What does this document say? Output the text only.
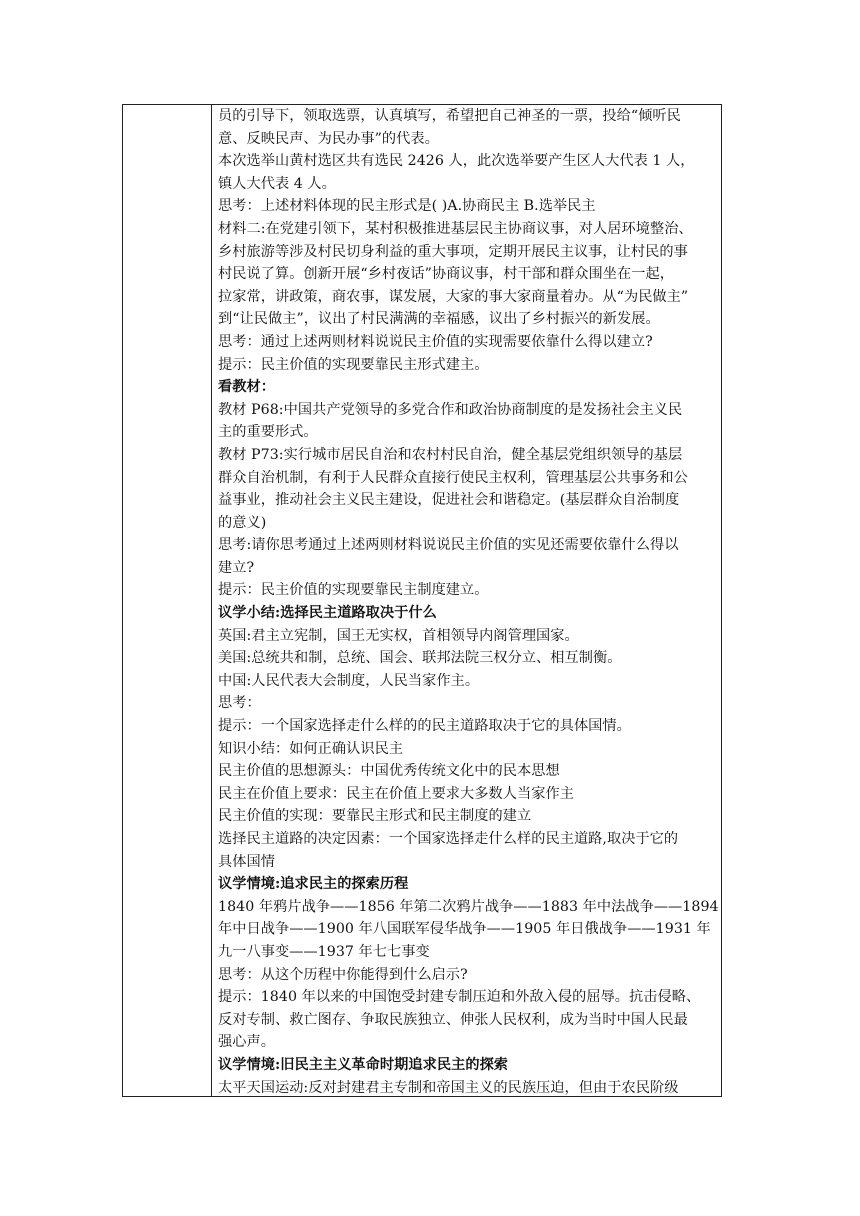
员的引导下，领取选票，认真填写，希望把自己神圣的一票，投给“倾听民
意、反映民声、为民办事”的代表。
本次选举山黄村选区共有选民 2426 人，此次选举要产生区人大代表 1 人，
镇人大代表 4 人。
思考：上述材料体现的民主形式是( )A.协商民主 B.选举民主
材料二:在党建引领下，某村积极推进基层民主协商议事，对人居环境整治、
乡村旅游等涉及村民切身利益的重大事项，定期开展民主议事，让村民的事
村民说了算。创新开展“乡村夜话”协商议事，村干部和群众围坐在一起，
拉家常，讲政策，商农事，谋发展，大家的事大家商量着办。从“为民做主”
到“让民做主”，议出了村民满满的幸福感，议出了乡村振兴的新发展。
思考：通过上述两则材料说说民主价值的实现需要依靠什么得以建立?
提示：民主价值的实现要靠民主形式建主。
看教材：
教材 P68:中国共产党领导的多党合作和政治协商制度的是发扬社会主义民
主的重要形式。
教材 P73:实行城市居民自治和农村村民自治，健全基层党组织领导的基层
群众自治机制，有利于人民群众直接行使民主权利，管理基层公共事务和公
益事业，推动社会主义民主建设，促进社会和谐稳定。(基层群众自治制度
的意义)
思考:请你思考通过上述两则材料说说民主价值的实见还需要依靠什么得以
建立?
提示：民主价值的实现要靠民主制度建立。
议学小结:选择民主道路取决于什么
英国:君主立宪制，国王无实权，首相领导内阁管理国家。
美国:总统共和制，总统、国会、联邦法院三权分立、相互制衡。
中国:人民代表大会制度，人民当家作主。
思考：
提示：一个国家选择走什么样的的民主道路取决于它的具体国情。
知识小结：如何正确认识民主
民主价值的思想源头：中国优秀传统文化中的民本思想
民主在价值上要求：民主在价值上要求大多数人当家作主
民主价值的实现：要靠民主形式和民主制度的建立
选择民主道路的决定因素：一个国家选择走什么样的民主道路,取决于它的
具体国情
议学情境:追求民主的探索历程
1840 年鸦片战争——1856 年第二次鸦片战争——1883 年中法战争——1894
年中日战争——1900 年八国联军侵华战争——1905 年日俄战争——1931 年
九一八事变——1937 年七七事变
思考：从这个历程中你能得到什么启示?
提示：1840 年以来的中国饱受封建专制压迫和外敌入侵的屈辱。抗击侵略、
反对专制、救亡图存、争取民族独立、伸张人民权利，成为当时中国人民最
强心声。
议学情境:旧民主主义革命时期追求民主的探索
太平天国运动:反对封建君主专制和帝国主义的民族压迫，但由于农民阶级
